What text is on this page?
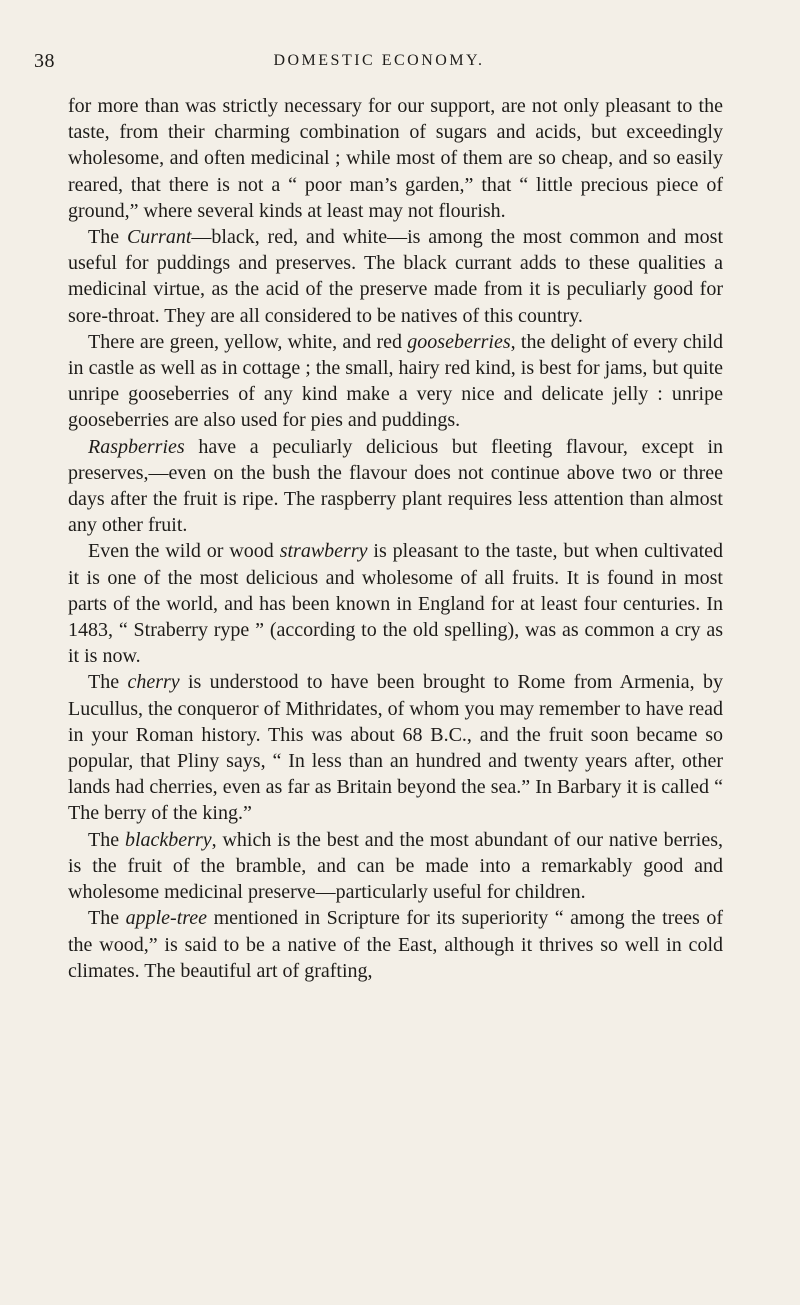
38	DOMESTIC ECONOMY.

for more than was strictly necessary for our support, are not only pleasant to the taste, from their charming combination of sugars and acids, but exceedingly wholesome, and often medicinal ; while most of them are so cheap, and so easily reared, that there is not a “ poor man’s garden,” that “ little precious piece of ground,” where several kinds at least may not flourish.

The Currant—black, red, and white—is among the most common and most useful for puddings and preserves. The black currant adds to these qualities a medicinal virtue, as the acid of the preserve made from it is peculiarly good for sore-throat. They are all considered to be natives of this country.

There are green, yellow, white, and red gooseberries, the delight of every child in castle as well as in cottage ; the small, hairy red kind, is best for jams, but quite unripe gooseberries of any kind make a very nice and delicate jelly : unripe gooseberries are also used for pies and puddings.

Raspberries have a peculiarly delicious but fleeting flavour, except in preserves,—even on the bush the flavour does not continue above two or three days after the fruit is ripe. The raspberry plant requires less attention than almost any other fruit.

Even the wild or wood strawberry is pleasant to the taste, but when cultivated it is one of the most delicious and wholesome of all fruits. It is found in most parts of the world, and has been known in England for at least four centuries. In 1483, “ Straberry rype ” (according to the old spelling), was as common a cry as it is now.

The cherry is understood to have been brought to Rome from Armenia, by Lucullus, the conqueror of Mithridates, of whom you may remember to have read in your Roman history. This was about 68 B.C., and the fruit soon became so popular, that Pliny says, “ In less than an hundred and twenty years after, other lands had cherries, even as far as Britain beyond the sea.” In Barbary it is called “ The berry of the king.”

The blackberry, which is the best and the most abundant of our native berries, is the fruit of the bramble, and can be made into a remarkably good and wholesome medicinal preserve—particularly useful for children.

The apple-tree mentioned in Scripture for its superiority “ among the trees of the wood,” is said to be a native of the East, although it thrives so well in cold climates. The beautiful art of grafting,
